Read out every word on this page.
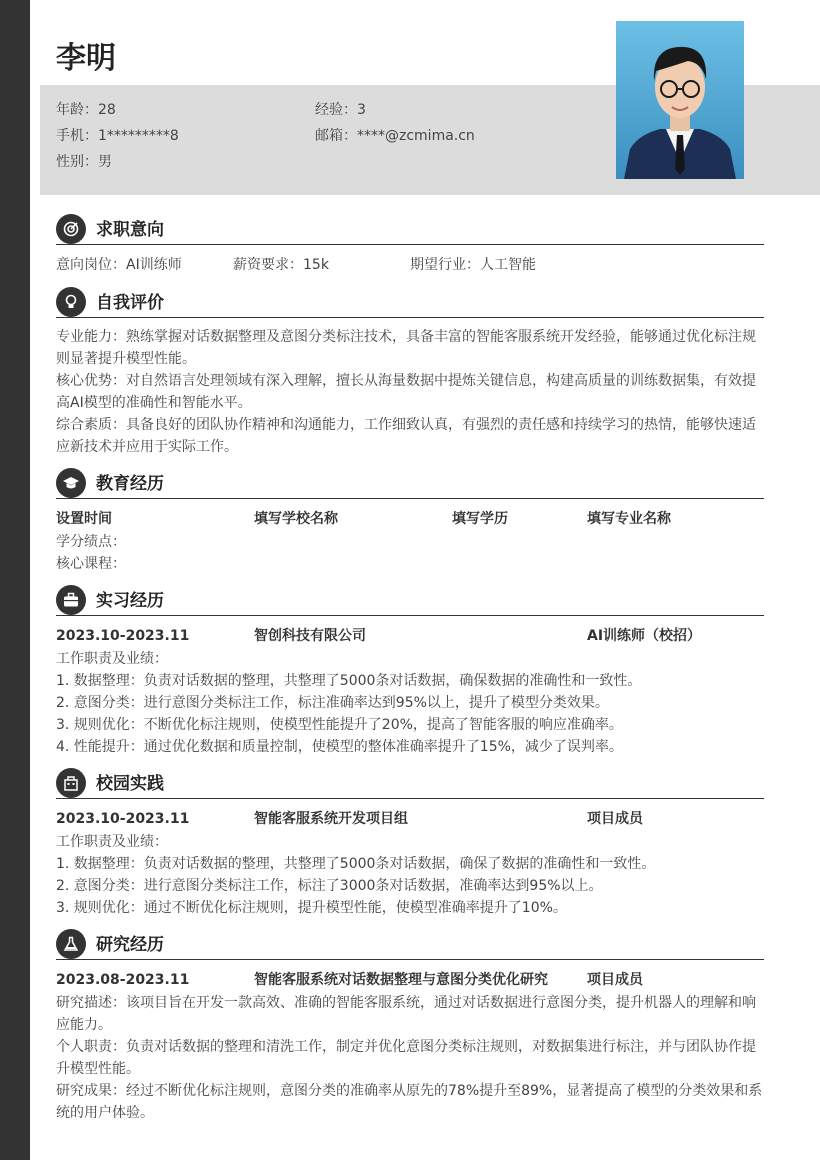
李明
年龄：28	经验：3
手机：1*********8	邮箱：****@zcmima.cn
性别：男
求职意向
意向岗位：AI训练师	薪资要求：15k	期望行业：人工智能
自我评价
专业能力：熟练掌握对话数据整理及意图分类标注技术，具备丰富的智能客服系统开发经验，能够通过优化标注规则显著提升模型性能。
核心优势：对自然语言处理领域有深入理解，擅长从海量数据中提炼关键信息，构建高质量的训练数据集，有效提高AI模型的准确性和智能水平。
综合素质：具备良好的团队协作精神和沟通能力，工作细致认真，有强烈的责任感和持续学习的热情，能够快速适应新技术并应用于实际工作。
教育经历
设置时间	填写学校名称	填写学历	填写专业名称
学分绩点：
核心课程：
实习经历
2023.10-2023.11	智创科技有限公司	AI训练师（校招）
工作职责及业绩：
1. 数据整理：负责对话数据的整理，共整理了5000条对话数据，确保数据的准确性和一致性。
2. 意图分类：进行意图分类标注工作，标注准确率达到95%以上，提升了模型分类效果。
3. 规则优化：不断优化标注规则，使模型性能提升了20%，提高了智能客服的响应准确率。
4. 性能提升：通过优化数据和质量控制，使模型的整体准确率提升了15%，减少了误判率。
校园实践
2023.10-2023.11	智能客服系统开发项目组	项目成员
工作职责及业绩：
1. 数据整理：负责对话数据的整理，共整理了5000条对话数据，确保了数据的准确性和一致性。
2. 意图分类：进行意图分类标注工作，标注了3000条对话数据，准确率达到95%以上。
3. 规则优化：通过不断优化标注规则，提升模型性能，使模型准确率提升了10%。
研究经历
2023.08-2023.11	智能客服系统对话数据整理与意图分类优化研究	项目成员
研究描述：该项目旨在开发一款高效、准确的智能客服系统，通过对话数据进行意图分类，提升机器人的理解和响应能力。
个人职责：负责对话数据的整理和清洗工作，制定并优化意图分类标注规则，对数据集进行标注，并与团队协作提升模型性能。
研究成果：经过不断优化标注规则，意图分类的准确率从原先的78%提升至89%，显著提高了模型的分类效果和系统的用户体验。
